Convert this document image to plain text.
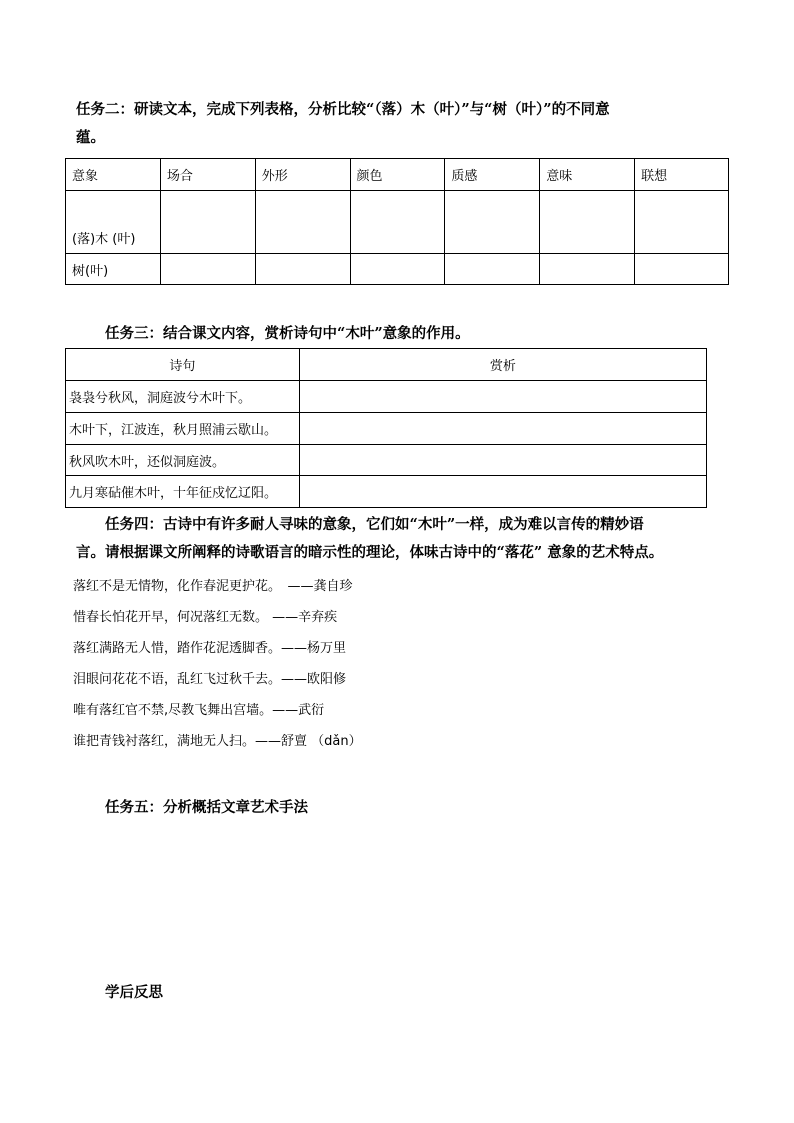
任务二：研读文本，完成下列表格，分析比较“（落）木（叶）”与“树（叶）”的不同意
蕴。
意象	场合	外形	颜色	质感	意味	联想
(落)木 (叶)						
树(叶)						
任务三：结合课文内容，赏析诗句中“木叶”意象的作用。
诗句	赏析
袅袅兮秋风，洞庭波兮木叶下。	
木叶下，江波连，秋月照浦云歇山。	
秋风吹木叶，还似洞庭波。	
九月寒砧催木叶，十年征戍忆辽阳。	
任务四：古诗中有许多耐人寻味的意象，它们如“木叶”一样，成为难以言传的精妙语
言。请根据课文所阐释的诗歌语言的暗示性的理论，体味古诗中的“落花” 意象的艺术特点。
落红不是无情物，化作春泥更护花。　——龚自珍
惜春长怕花开早，何况落红无数。 ——辛弃疾
落红满路无人惜，踏作花泥透脚香。——杨万里
泪眼问花花不语，乱红飞过秋千去。——欧阳修
唯有落红官不禁,尽教飞舞出宫墙。——武衍
谁把青钱衬落红，满地无人扫。——舒亶 （dǎn）
任务五：分析概括文章艺术手法
学后反思
